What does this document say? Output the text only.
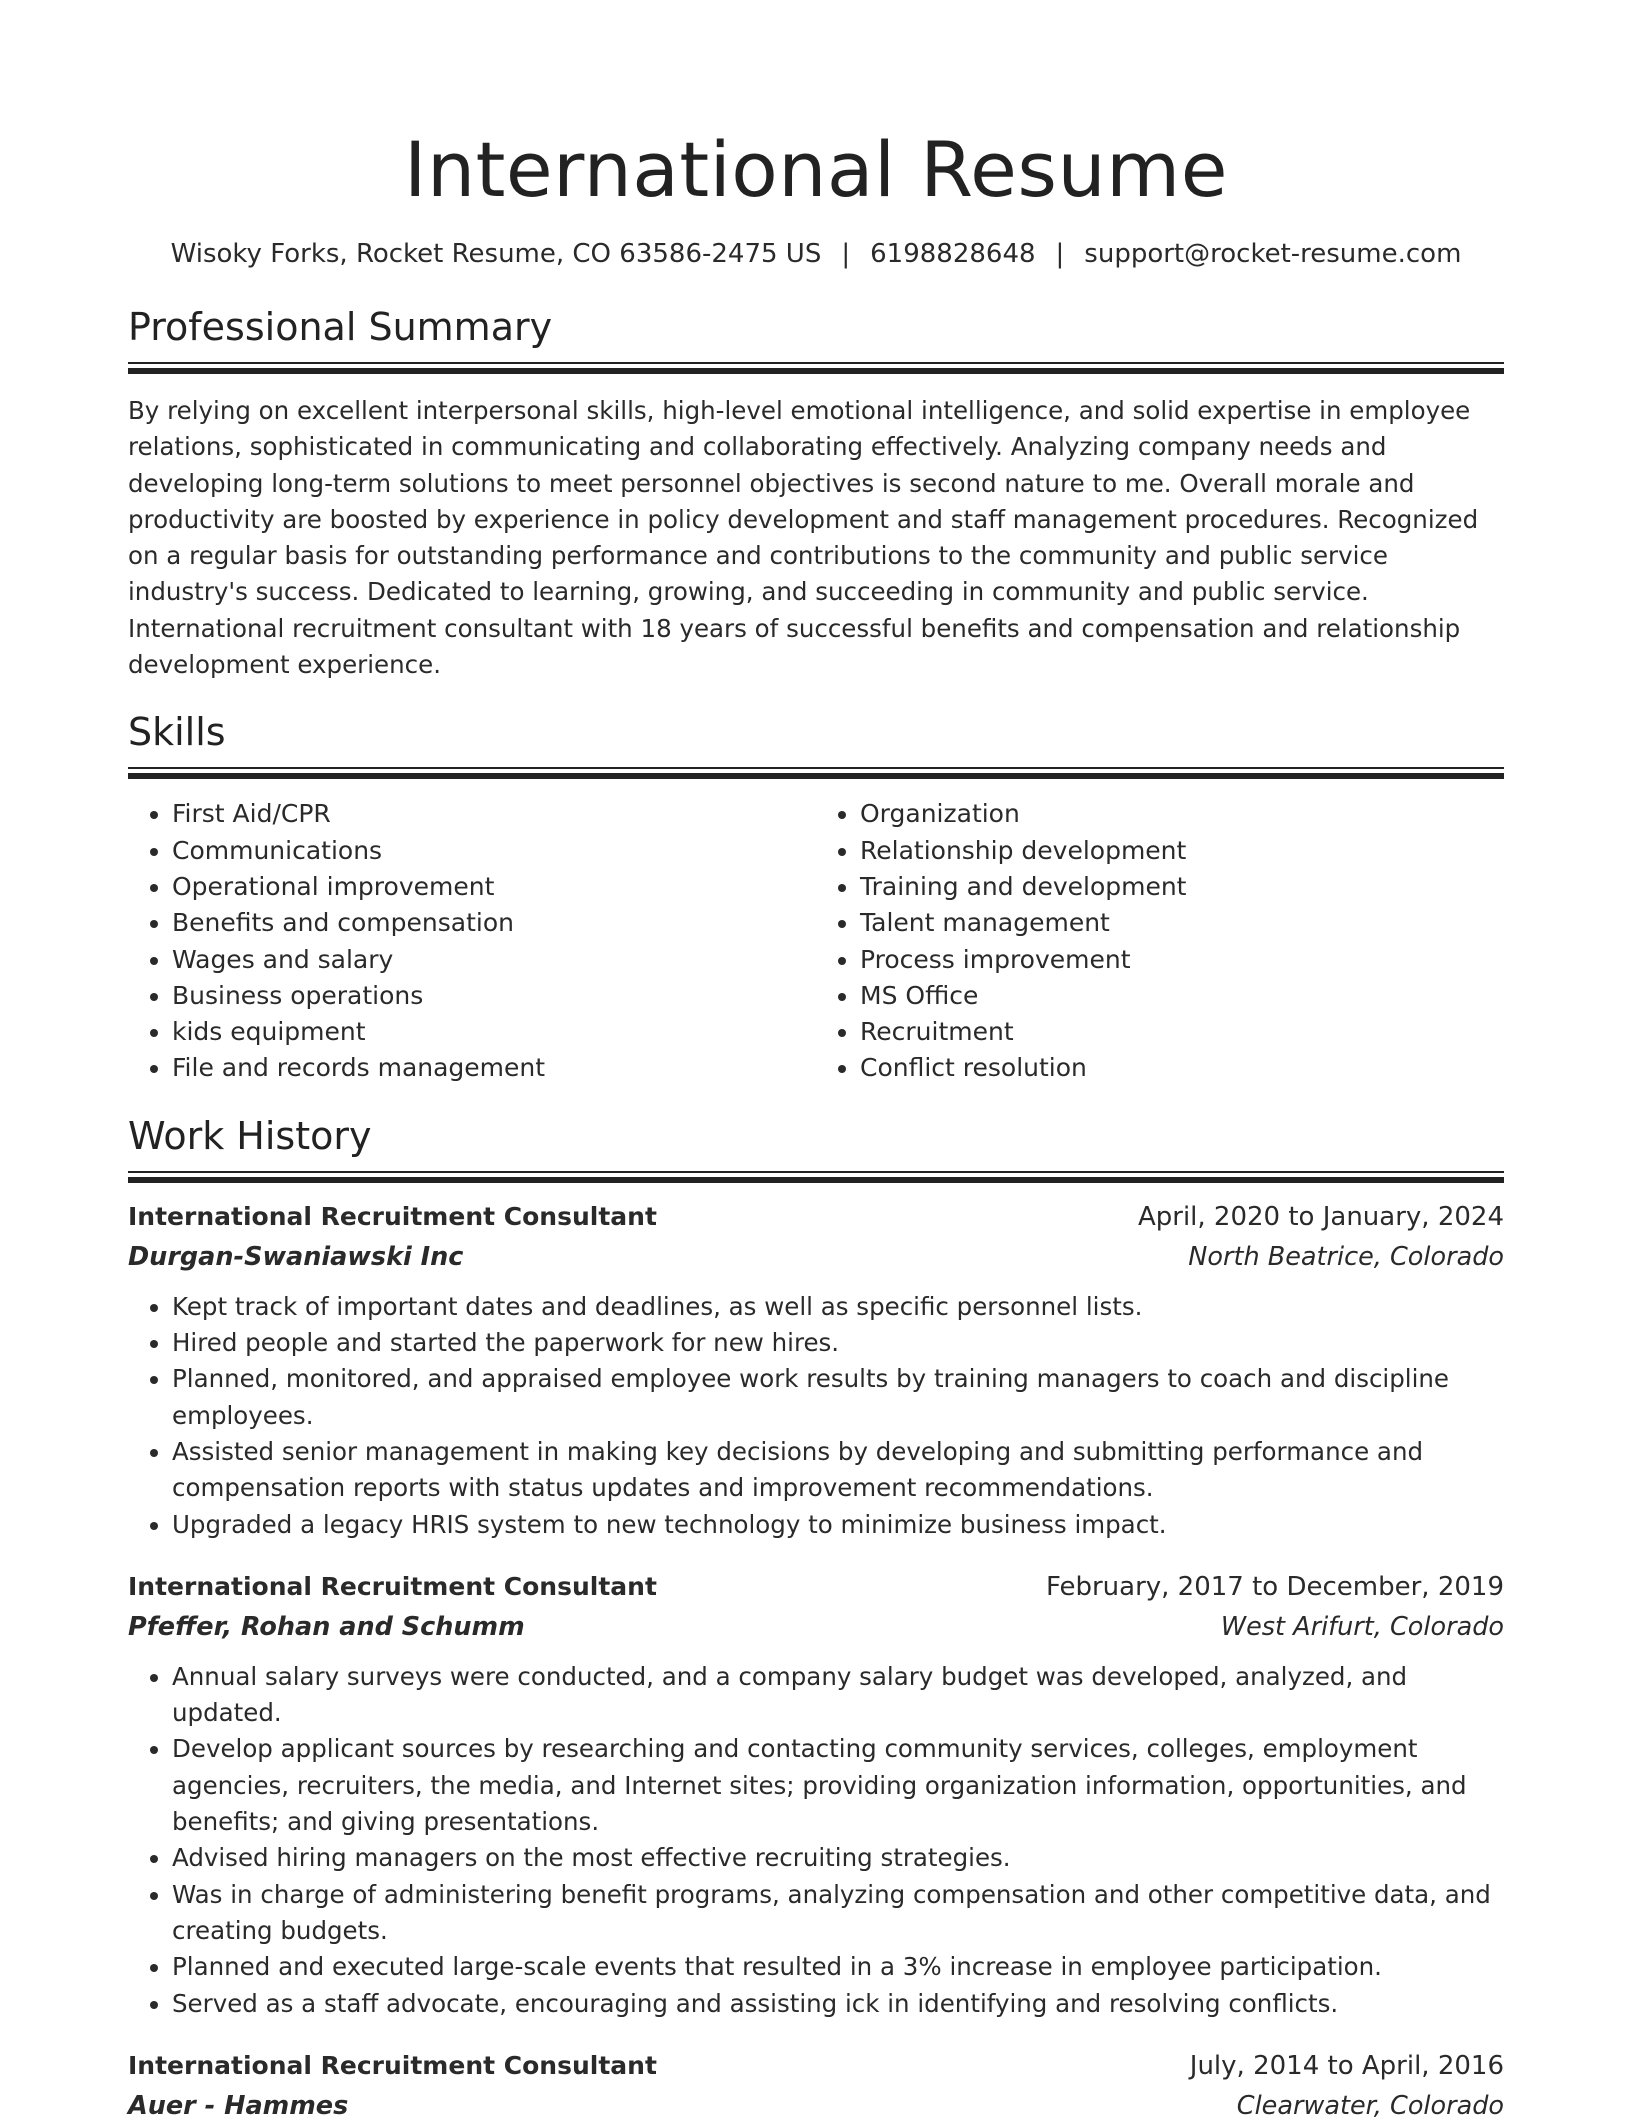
International Resume
Wisoky Forks, Rocket Resume, CO 63586-2475 US | 6198828648 | support@rocket-resume.com
Professional Summary

By relying on excellent interpersonal skills, high-level emotional intelligence, and solid expertise in employee relations, sophisticated in communicating and collaborating effectively. Analyzing company needs and developing long-term solutions to meet personnel objectives is second nature to me. Overall morale and productivity are boosted by experience in policy development and staff management procedures. Recognized on a regular basis for outstanding performance and contributions to the community and public service industry's success. Dedicated to learning, growing, and succeeding in community and public service. International recruitment consultant with 18 years of successful benefits and compensation and relationship development experience.

Skills
• First Aid/CPR
• Communications
• Operational improvement
• Benefits and compensation
• Wages and salary
• Business operations
• kids equipment
• File and records management
• Organization
• Relationship development
• Training and development
• Talent management
• Process improvement
• MS Office
• Recruitment
• Conflict resolution
Work History
International Recruitment Consultant	April, 2020 to January, 2024
Durgan-Swaniawski Inc	North Beatrice, Colorado
• Kept track of important dates and deadlines, as well as specific personnel lists.
• Hired people and started the paperwork for new hires.
• Planned, monitored, and appraised employee work results by training managers to coach and discipline employees.
• Assisted senior management in making key decisions by developing and submitting performance and compensation reports with status updates and improvement recommendations.
• Upgraded a legacy HRIS system to new technology to minimize business impact.
International Recruitment Consultant	February, 2017 to December, 2019
Pfeffer, Rohan and Schumm	West Arifurt, Colorado
• Annual salary surveys were conducted, and a company salary budget was developed, analyzed, and updated.
• Develop applicant sources by researching and contacting community services, colleges, employment agencies, recruiters, the media, and Internet sites; providing organization information, opportunities, and benefits; and giving presentations.
• Advised hiring managers on the most effective recruiting strategies.
• Was in charge of administering benefit programs, analyzing compensation and other competitive data, and creating budgets.
• Planned and executed large-scale events that resulted in a 3% increase in employee participation.
• Served as a staff advocate, encouraging and assisting ick in identifying and resolving conflicts.
International Recruitment Consultant	July, 2014 to April, 2016
Auer - Hammes	Clearwater, Colorado
